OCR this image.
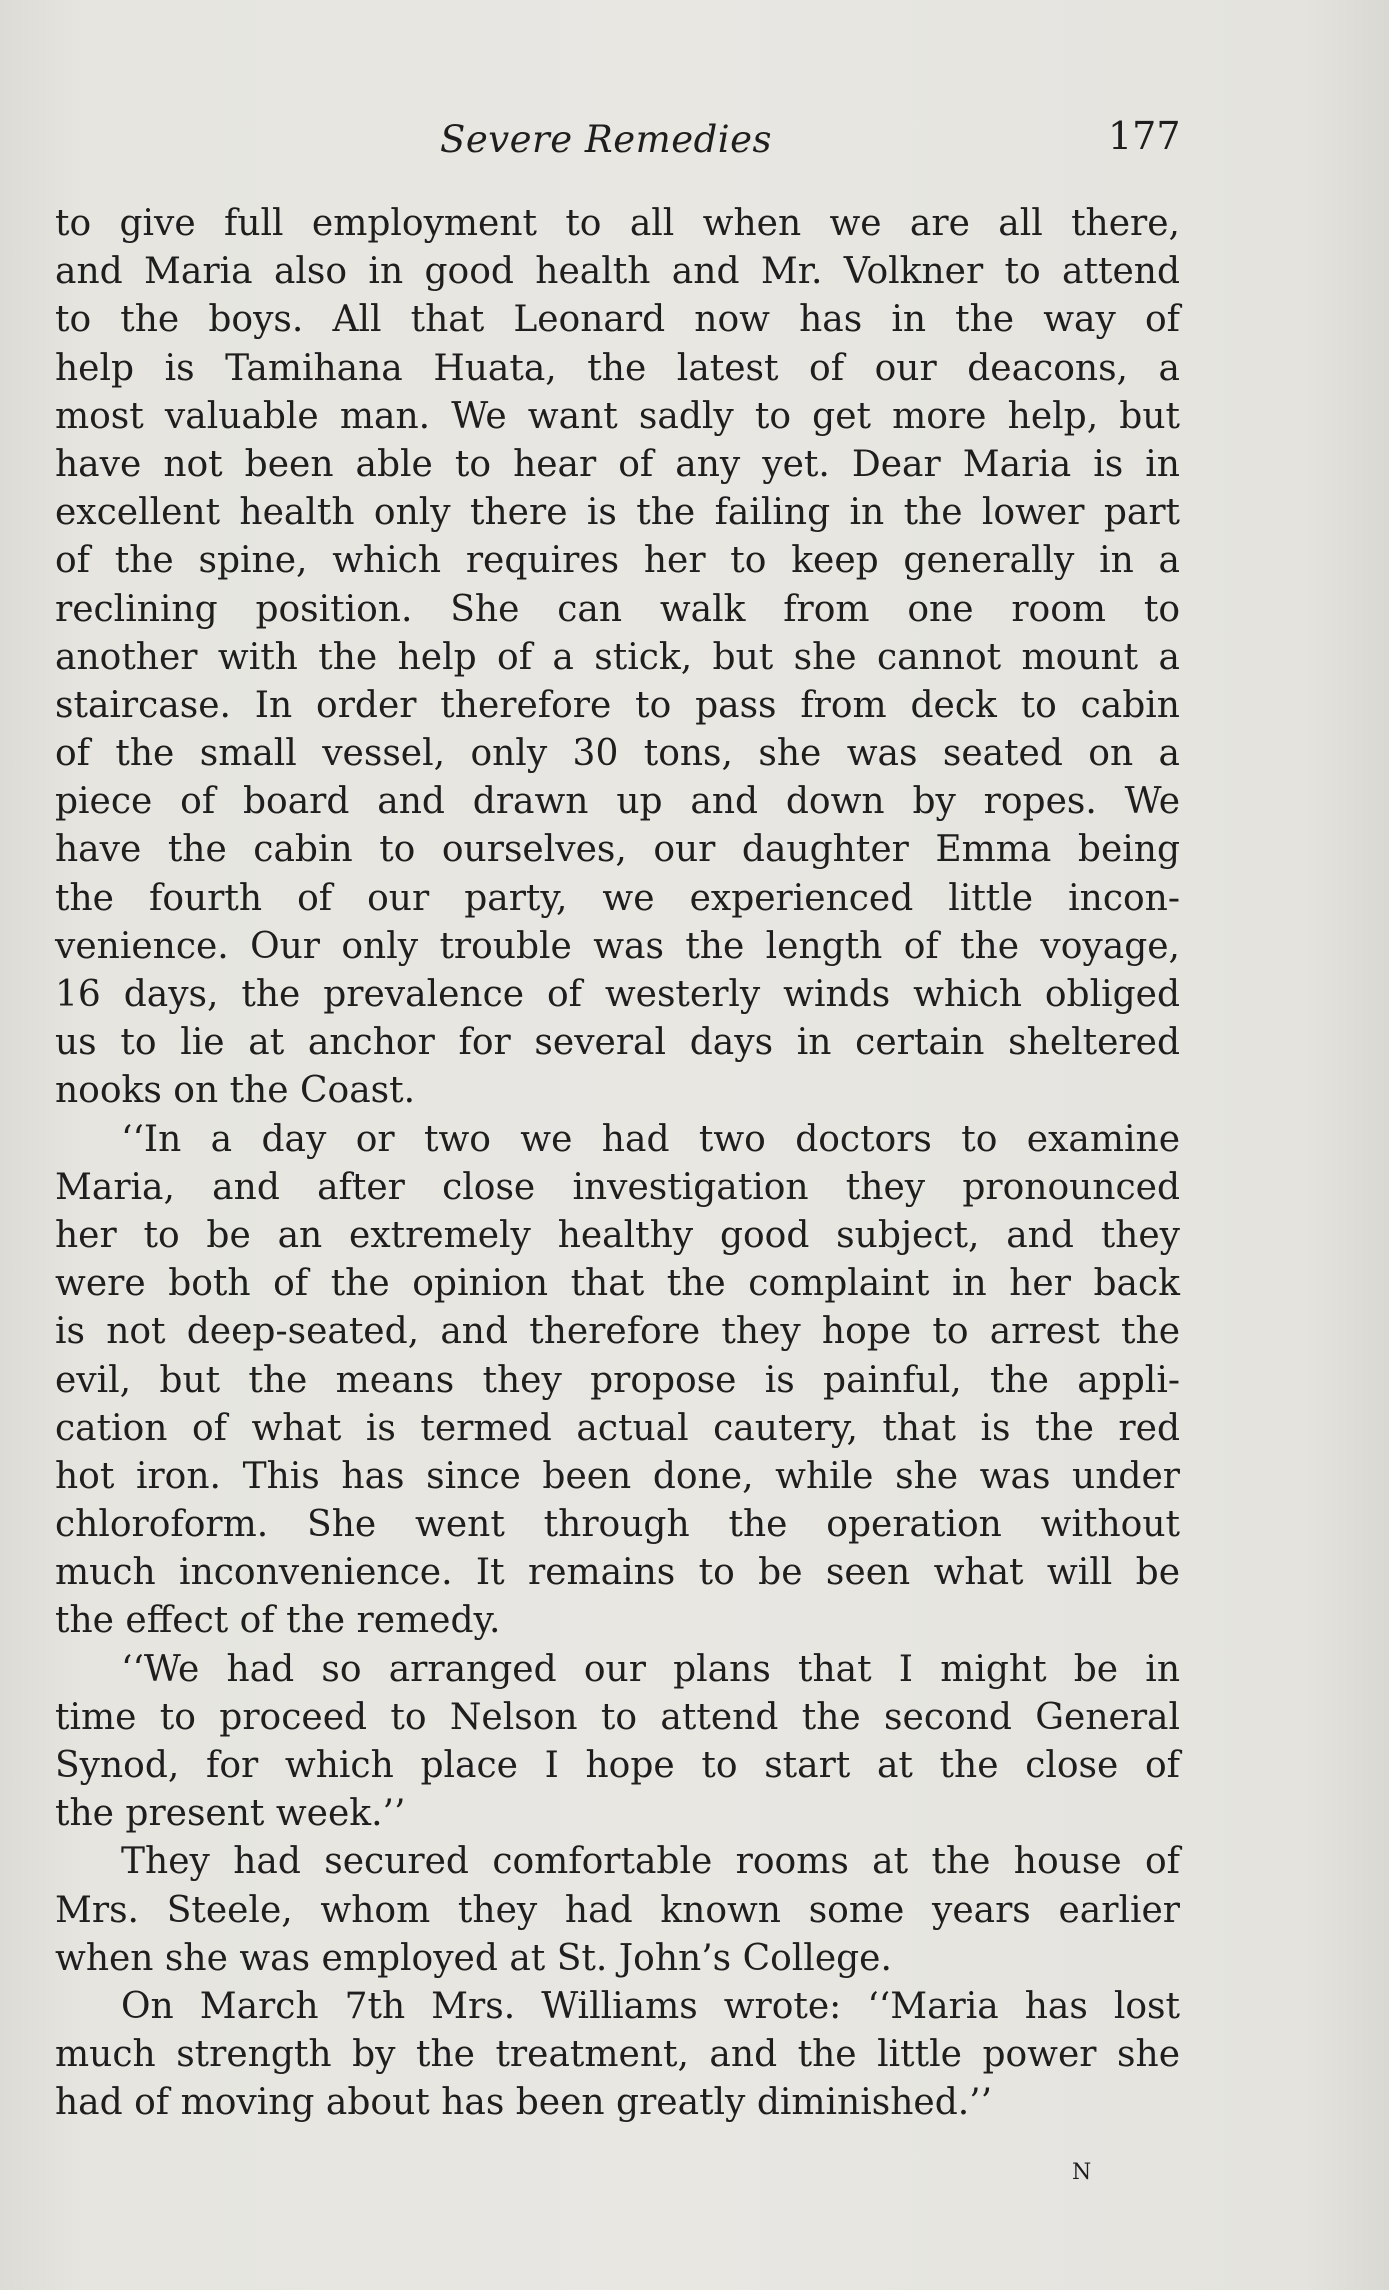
Severe Remedies	177
to give full employment to all when we are all there,
and Maria also in good health and Mr. Volkner to attend
to the boys. All that Leonard now has in the way of
help is Tamihana Huata, the latest of our deacons, a
most valuable man. We want sadly to get more help, but
have not been able to hear of any yet. Dear Maria is in
excellent health only there is the failing in the lower part
of the spine, which requires her to keep generally in a
reclining position. She can walk from one room to
another with the help of a stick, but she cannot mount a
staircase. In order therefore to pass from deck to cabin
of the small vessel, only 30 tons, she was seated on a
piece of board and drawn up and down by ropes. We
have the cabin to ourselves, our daughter Emma being
the fourth of our party, we experienced little incon-
venience. Our only trouble was the length of the voyage,
16 days, the prevalence of westerly winds which obliged
us to lie at anchor for several days in certain sheltered
nooks on the Coast.
‘‘In a day or two we had two doctors to examine
Maria, and after close investigation they pronounced
her to be an extremely healthy good subject, and they
were both of the opinion that the complaint in her back
is not deep-seated, and therefore they hope to arrest the
evil, but the means they propose is painful, the appli-
cation of what is termed actual cautery, that is the red
hot iron. This has since been done, while she was under
chloroform. She went through the operation without
much inconvenience. It remains to be seen what will be
the effect of the remedy.
‘‘We had so arranged our plans that I might be in
time to proceed to Nelson to attend the second General
Synod, for which place I hope to start at the close of
the present week.’’
They had secured comfortable rooms at the house of
Mrs. Steele, whom they had known some years earlier
when she was employed at St. John’s College.
On March 7th Mrs. Williams wrote: ‘‘Maria has lost
much strength by the treatment, and the little power she
had of moving about has been greatly diminished.’’
N
